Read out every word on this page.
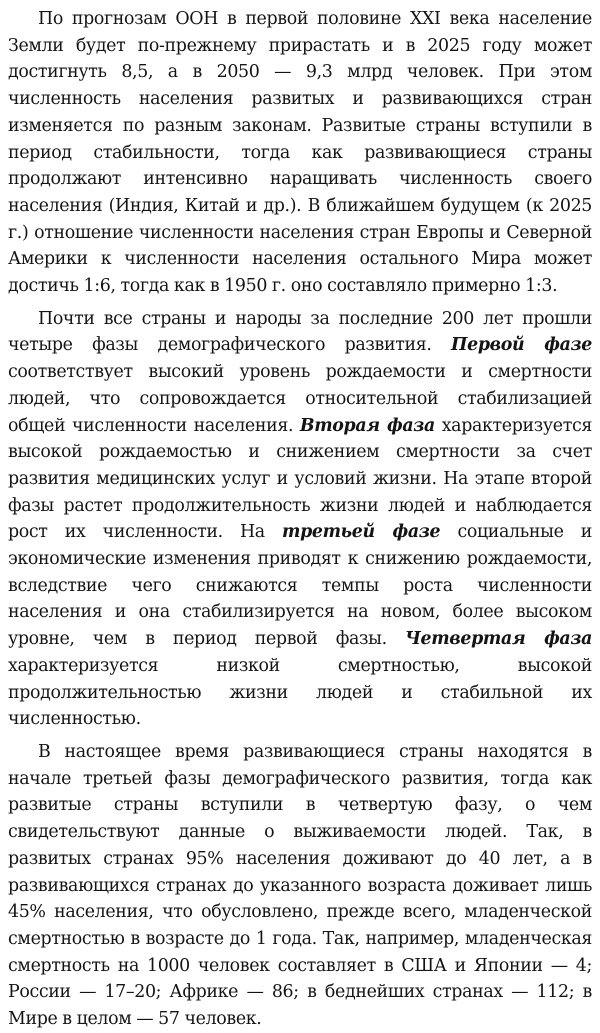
По прогнозам ООН в первой половине XXI века население Земли будет по-прежнему прирастать и в 2025 году может достигнуть 8,5, а в 2050 — 9,3 млрд человек. При этом численность населения развитых и развивающихся стран изменяется по разным законам. Развитые страны вступили в период стабильности, тогда как развивающиеся страны продолжают интенсивно наращивать численность своего населения (Индия, Китай и др.). В ближайшем будущем (к 2025 г.) отношение численности населения стран Европы и Северной Америки к численности населения остального Мира может достичь 1:6, тогда как в 1950 г. оно составляло примерно 1:3.

Почти все страны и народы за последние 200 лет прошли четыре фазы демографического развития. Первой фазе соответствует высокий уровень рождаемости и смертности людей, что сопровождается относительной стабилизацией общей численности населения. Вторая фаза характеризуется высокой рождаемостью и снижением смертности за счет развития медицинских услуг и условий жизни. На этапе второй фазы растет продолжительность жизни людей и наблюдается рост их численности. На третьей фазе социальные и экономические изменения приводят к снижению рождаемости, вследствие чего снижаются темпы роста численности населения и она стабилизируется на новом, более высоком уровне, чем в период первой фазы. Четвертая фаза характеризуется низкой смертностью, высокой продолжительностью жизни людей и стабильной их численностью.

В настоящее время развивающиеся страны находятся в начале третьей фазы демографического развития, тогда как развитые страны вступили в четвертую фазу, о чем свидетельствуют данные о выживаемости людей. Так, в развитых странах 95% населения доживают до 40 лет, а в развивающихся странах до указанного возраста доживает лишь 45% населения, что обусловлено, прежде всего, младенческой смертностью в возрасте до 1 года. Так, например, младенческая смертность на 1000 человек составляет в США и Японии — 4; России — 17–20; Африке — 86; в беднейших странах — 112; в Мире в целом — 57 человек.
